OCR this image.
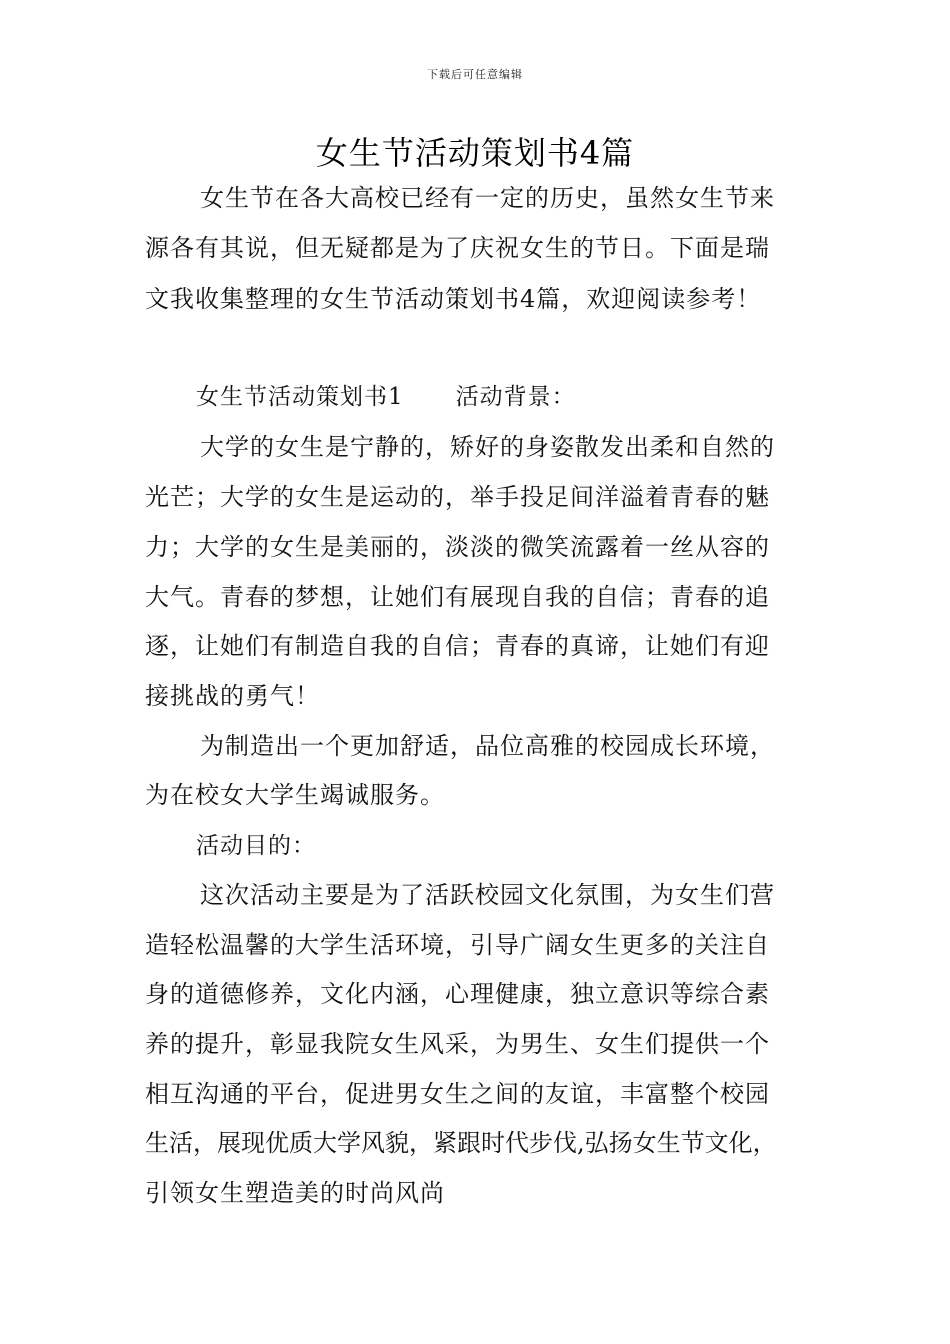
下载后可任意编辑
女生节活动策划书4篇
女生节在各大高校已经有一定的历史，虽然女生节来
源各有其说，但无疑都是为了庆祝女生的节日。下面是瑞
文我收集整理的女生节活动策划书4篇，欢迎阅读参考！
女生节活动策划书1 活动背景：
大学的女生是宁静的，矫好的身姿散发出柔和自然的
光芒；大学的女生是运动的，举手投足间洋溢着青春的魅
力；大学的女生是美丽的，淡淡的微笑流露着一丝从容的
大气。青春的梦想，让她们有展现自我的自信；青春的追
逐，让她们有制造自我的自信；青春的真谛，让她们有迎
接挑战的勇气！
为制造出一个更加舒适，品位高雅的校园成长环境，
为在校女大学生竭诚服务。
活动目的：
这次活动主要是为了活跃校园文化氛围，为女生们营
造轻松温馨的大学生活环境，引导广阔女生更多的关注自
身的道德修养，文化内涵，心理健康，独立意识等综合素
养的提升，彰显我院女生风采，为男生、女生们提供一个
相互沟通的平台，促进男女生之间的友谊，丰富整个校园
生活，展现优质大学风貌，紧跟时代步伐,弘扬女生节文化，
引领女生塑造美的时尚风尚
